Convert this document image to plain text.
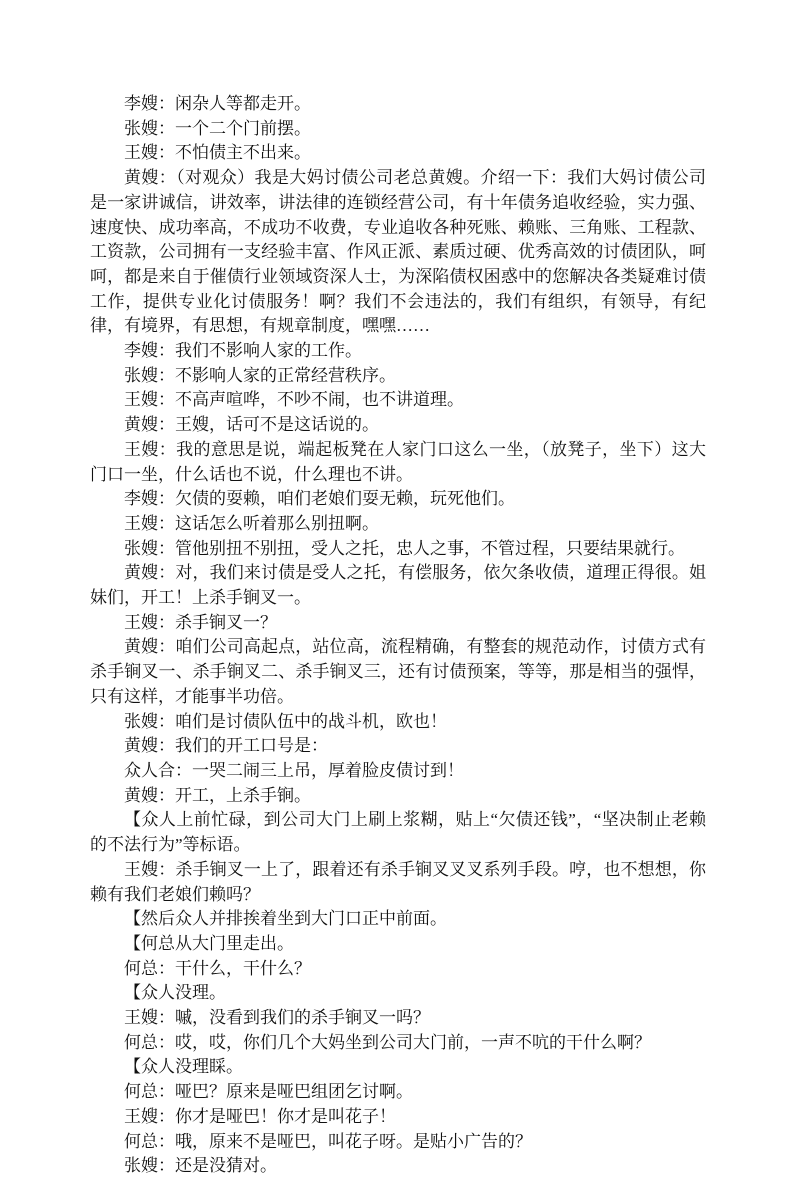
李嫂：闲杂人等都走开。

张嫂：一个二个门前摆。

王嫂：不怕债主不出来。

黄嫂：（对观众）我是大妈讨债公司老总黄嫂。介绍一下：我们大妈讨债公司是一家讲诚信，讲效率，讲法律的连锁经营公司，有十年债务追收经验，实力强、速度快、成功率高，不成功不收费，专业追收各种死账、赖账、三角账、工程款、工资款，公司拥有一支经验丰富、作风正派、素质过硬、优秀高效的讨债团队，呵呵，都是来自于催债行业领域资深人士，为深陷债权困惑中的您解决各类疑难讨债工作，提供专业化讨债服务！啊？我们不会违法的，我们有组织，有领导，有纪律，有境界，有思想，有规章制度，嘿嘿……

李嫂：我们不影响人家的工作。

张嫂：不影响人家的正常经营秩序。

王嫂：不高声喧哗，不吵不闹，也不讲道理。

黄嫂：王嫂，话可不是这话说的。

王嫂：我的意思是说，端起板凳在人家门口这么一坐，（放凳子，坐下）这大门口一坐，什么话也不说，什么理也不讲。

李嫂：欠债的耍赖，咱们老娘们耍无赖，玩死他们。

王嫂：这话怎么听着那么别扭啊。

张嫂：管他别扭不别扭，受人之托，忠人之事，不管过程，只要结果就行。

黄嫂：对，我们来讨债是受人之托，有偿服务，依欠条收债，道理正得很。姐妹们，开工！上杀手锏叉一。

王嫂：杀手锏叉一？

黄嫂：咱们公司高起点，站位高，流程精确，有整套的规范动作，讨债方式有杀手锏叉一、杀手锏叉二、杀手锏叉三，还有讨债预案，等等，那是相当的强悍，只有这样，才能事半功倍。

张嫂：咱们是讨债队伍中的战斗机，欧也！

黄嫂：我们的开工口号是：

众人合：一哭二闹三上吊，厚着脸皮债讨到！

黄嫂：开工，上杀手锏。

【众人上前忙碌，到公司大门上刷上浆糊，贴上“欠债还钱”，“坚决制止老赖的不法行为”等标语。

王嫂：杀手锏叉一上了，跟着还有杀手锏叉叉叉系列手段。哼，也不想想，你赖有我们老娘们赖吗？

【然后众人并排挨着坐到大门口正中前面。

【何总从大门里走出。

何总：干什么，干什么？

【众人没理。

王嫂：嘁，没看到我们的杀手锏叉一吗？

何总：哎，哎，你们几个大妈坐到公司大门前，一声不吭的干什么啊？

【众人没理睬。

何总：哑巴？原来是哑巴组团乞讨啊。

王嫂：你才是哑巴！你才是叫花子！

何总：哦，原来不是哑巴，叫花子呀。是贴小广告的？

张嫂：还是没猜对。
